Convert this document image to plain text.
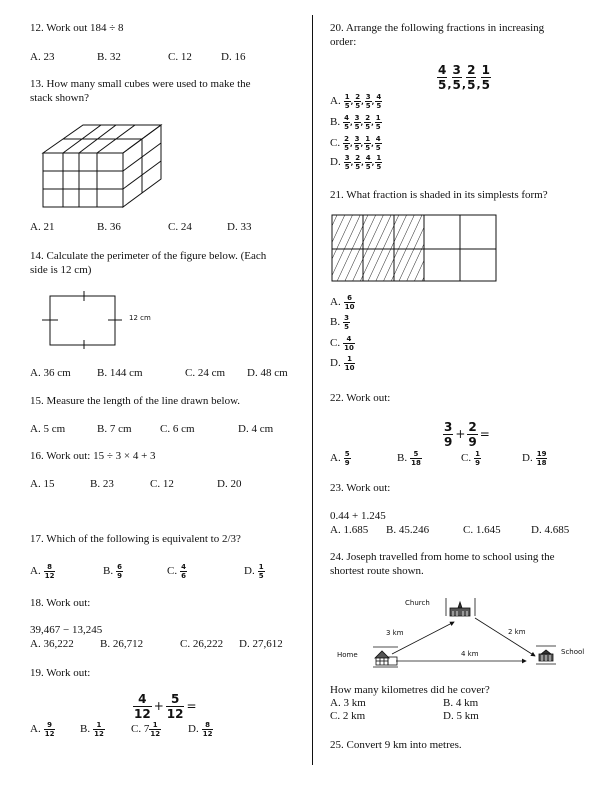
12. Work out 184 ÷ 8
A. 23	B. 32	C. 12	D. 16
13. How many small cubes were used to make the
stack shown?
A. 21	B. 36	C. 24	D. 33
14. Calculate the perimeter of the figure below. (Each
side is 12 cm)
12 cm
A. 36 cm B. 144 cm	C. 24 cm D. 48 cm
15. Measure the length of the line drawn below.
A. 5 cm	B. 7 cm	C. 6 cm	D. 4 cm
16. Work out: 15 ÷ 3 × 4 + 3
A. 15	B. 23	C. 12	D. 20
17. Which of the following is equivalent to 2/3?
A. $\frac{8}{12}$	B. $\frac{6}{9}$	C. $\frac{4}{6}$	D. $\frac{1}{5}$
18. Work out:
39,467 − 13,245
A. 36,222 B. 26,712	C. 26,222 D. 27,612
19. Work out:
$\frac{4}{12} + \frac{5}{12}$ =
A. $\frac{9}{12} B$. $\frac{1}{12} C$. $7 \frac{1}{12} D$. $\frac{8}{12}$
20. Arrange the following fractions in increasing
order:
$\frac{4}{5}$ , $\frac{3}{5}$ , $\frac{2}{5}$ , $\frac{1}{5}$
A. $\frac{1}{5}$ , $\frac{2}{5}$ , $\frac{3}{5}$ , $\frac{4}{5}$
B. $\frac{4}{5}$ , $\frac{3}{5}$ , $\frac{2}{5}$ , $\frac{1}{5}$
C. $\frac{2}{5}$ , $\frac{3}{5}$ , $\frac{1}{5}$ , $\frac{4}{5}$
D. $\frac{3}{5}$ , $\frac{2}{5}$ , $\frac{4}{5}$ , $\frac{1}{5}$
21. What fraction is shaded in its simplests form?
A. $\frac{6}{10}$
B. $\frac{3}{5}$
C. $\frac{4}{10}$
D. $\frac{1}{10}$
22. Work out:
$\frac{3}{9} + \frac{2}{9}$ =
A. $\frac{5}{9}$	B. $\frac{5}{18}$	C. $\frac{1}{9}$	D. $\frac{19}{18}$
23. Work out:
0.44 + 1.245
A. 1.685 B. 45.246	C. 1.645	D. 4.685
24. Joseph travelled from home to school using the
shortest route shown.
Home
Church
School
3 km	2 km
4 km
How many kilometres did he cover?
A. 3 km	B. 4 km
C. 2 km	D. 5 km
25. Convert 9 km into metres.
